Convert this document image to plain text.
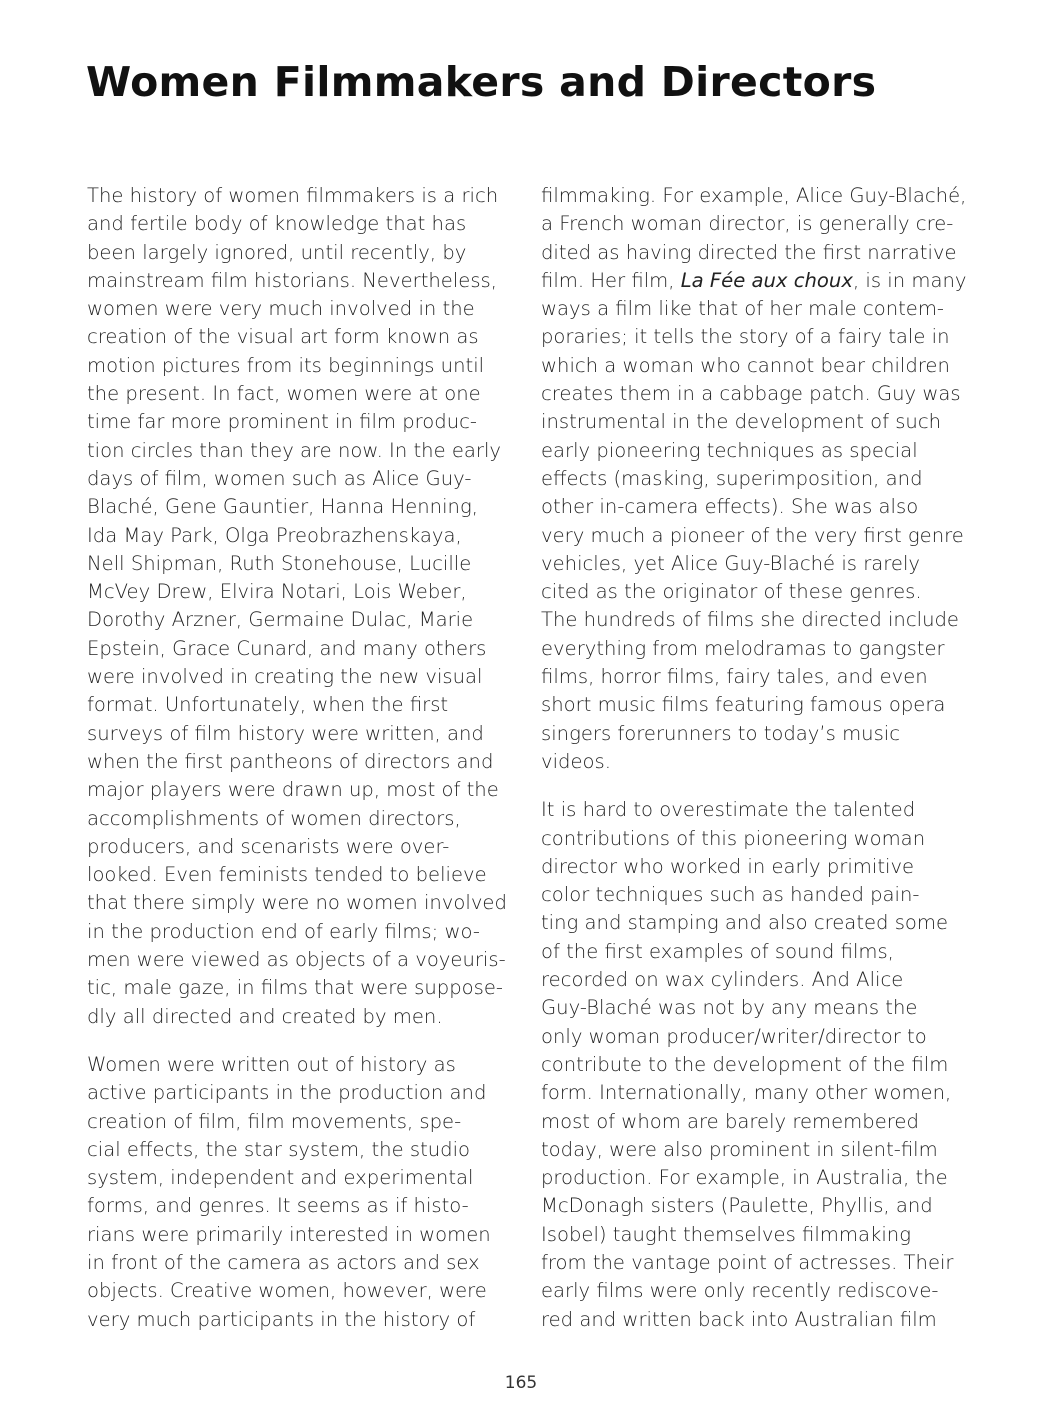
Women Filmmakers and Directors
The history of women filmmakers is a rich
and fertile body of knowledge that has
been largely ignored, until recently, by
mainstream film historians. Nevertheless,
women were very much involved in the
creation of the visual art form known as
motion pictures from its beginnings until
the present. In fact, women were at one
time far more prominent in film produc-
tion circles than they are now. In the early
days of film, women such as Alice Guy-
Blaché, Gene Gauntier, Hanna Henning,
Ida May Park, Olga Preobrazhenskaya,
Nell Shipman, Ruth Stonehouse, Lucille
McVey Drew, Elvira Notari, Lois Weber,
Dorothy Arzner, Germaine Dulac, Marie
Epstein, Grace Cunard, and many others
were involved in creating the new visual
format. Unfortunately, when the first
surveys of film history were written, and
when the first pantheons of directors and
major players were drawn up, most of the
accomplishments of women directors,
producers, and scenarists were over-
looked. Even feminists tended to believe
that there simply were no women involved
in the production end of early films; wo-
men were viewed as objects of a voyeuris-
tic, male gaze, in films that were suppose-
dly all directed and created by men.
Women were written out of history as
active participants in the production and
creation of film, film movements, spe-
cial effects, the star system, the studio
system, independent and experimental
forms, and genres. It seems as if histo-
rians were primarily interested in women
in front of the camera as actors and sex
objects. Creative women, however, were
very much participants in the history of
filmmaking. For example, Alice Guy-Blaché,
a French woman director, is generally cre-
dited as having directed the first narrative
film. Her film, La Fée aux choux, is in many
ways a film like that of her male contem-
poraries; it tells the story of a fairy tale in
which a woman who cannot bear children
creates them in a cabbage patch. Guy was
instrumental in the development of such
early pioneering techniques as special
effects (masking, superimposition, and
other in-camera effects). She was also
very much a pioneer of the very first genre
vehicles, yet Alice Guy-Blaché is rarely
cited as the originator of these genres.
The hundreds of films she directed include
everything from melodramas to gangster
films, horror films, fairy tales, and even
short music films featuring famous opera
singers forerunners to today’s music
videos.
It is hard to overestimate the talented
contributions of this pioneering woman
director who worked in early primitive
color techniques such as handed pain-
ting and stamping and also created some
of the first examples of sound films,
recorded on wax cylinders. And Alice
Guy-Blaché was not by any means the
only woman producer/writer/director to
contribute to the development of the film
form. Internationally, many other women,
most of whom are barely remembered
today, were also prominent in silent-film
production. For example, in Australia, the
McDonagh sisters (Paulette, Phyllis, and
Isobel) taught themselves filmmaking
from the vantage point of actresses. Their
early films were only recently rediscove-
red and written back into Australian film
165
